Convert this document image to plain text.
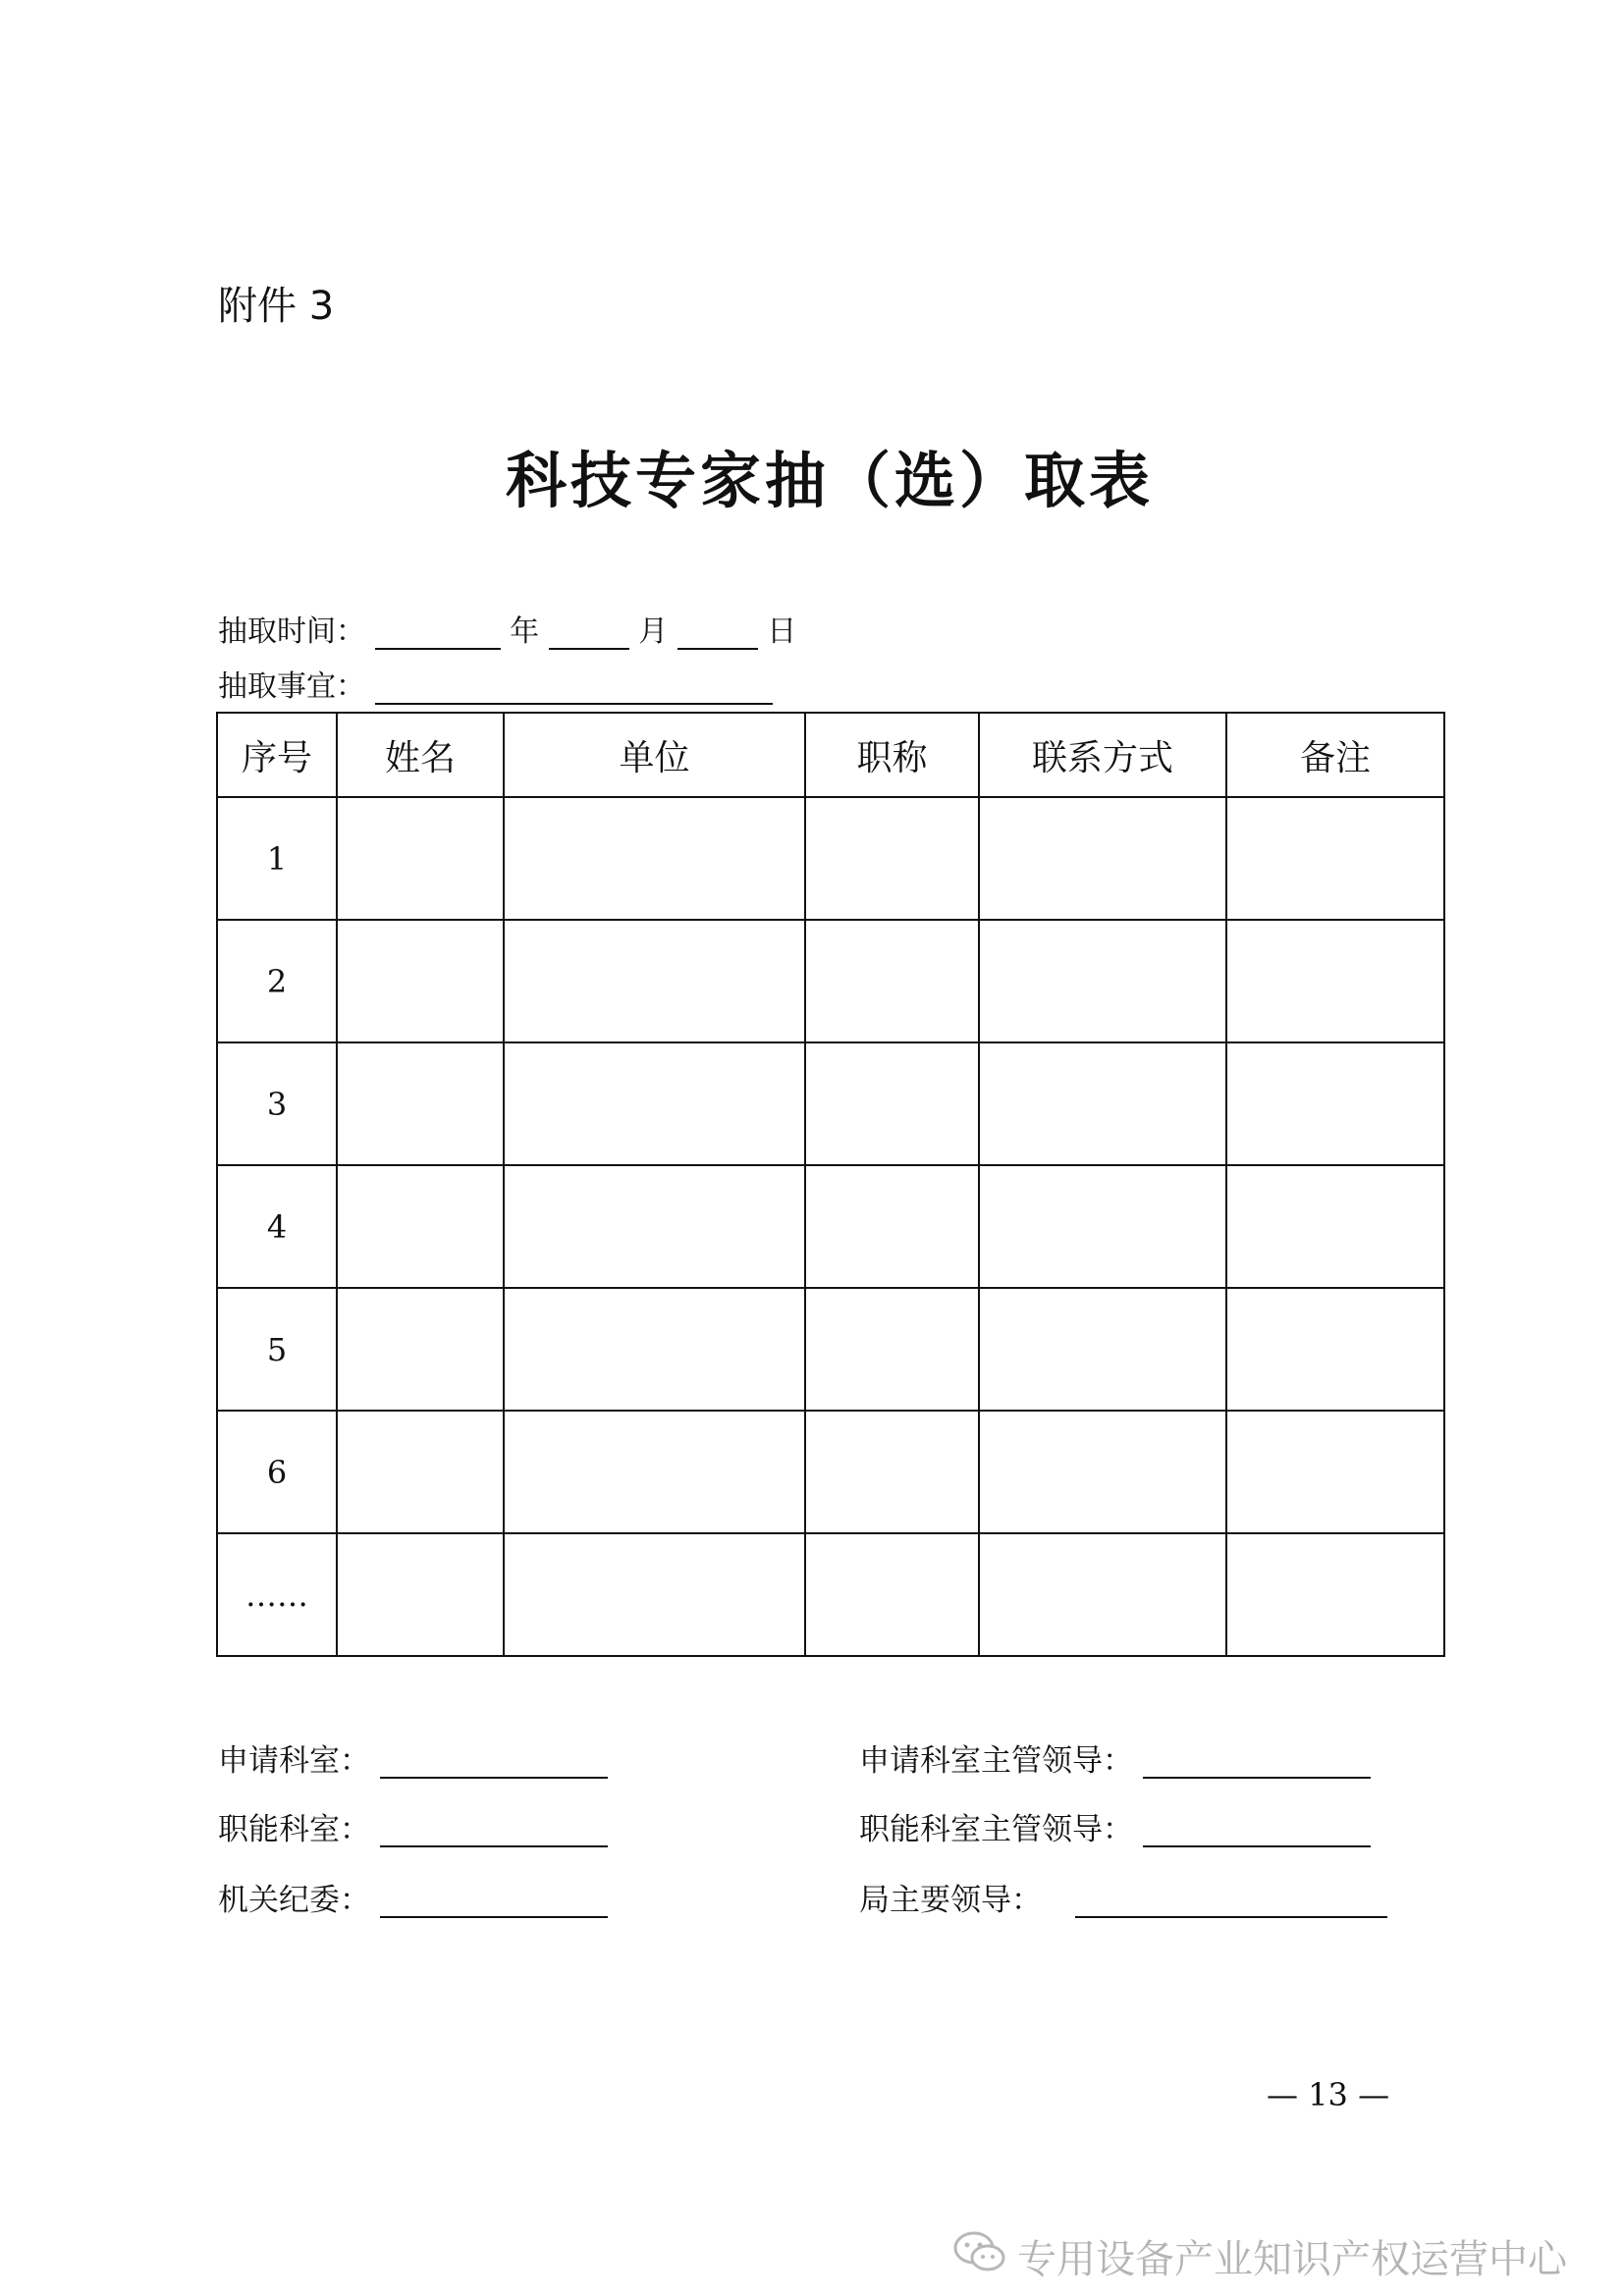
附件 3
科技专家抽（选）取表
抽取时间：	年	月	日
抽取事宜：
序号	姓名	单位	职称	联系方式	备注
1					
2					
3					
4					
5					
6					
……					
申请科室：	申请科室主管领导：
职能科室：	职能科室主管领导：
机关纪委：	局主要领导：
— 13 —
专用设备产业知识产权运营中心
